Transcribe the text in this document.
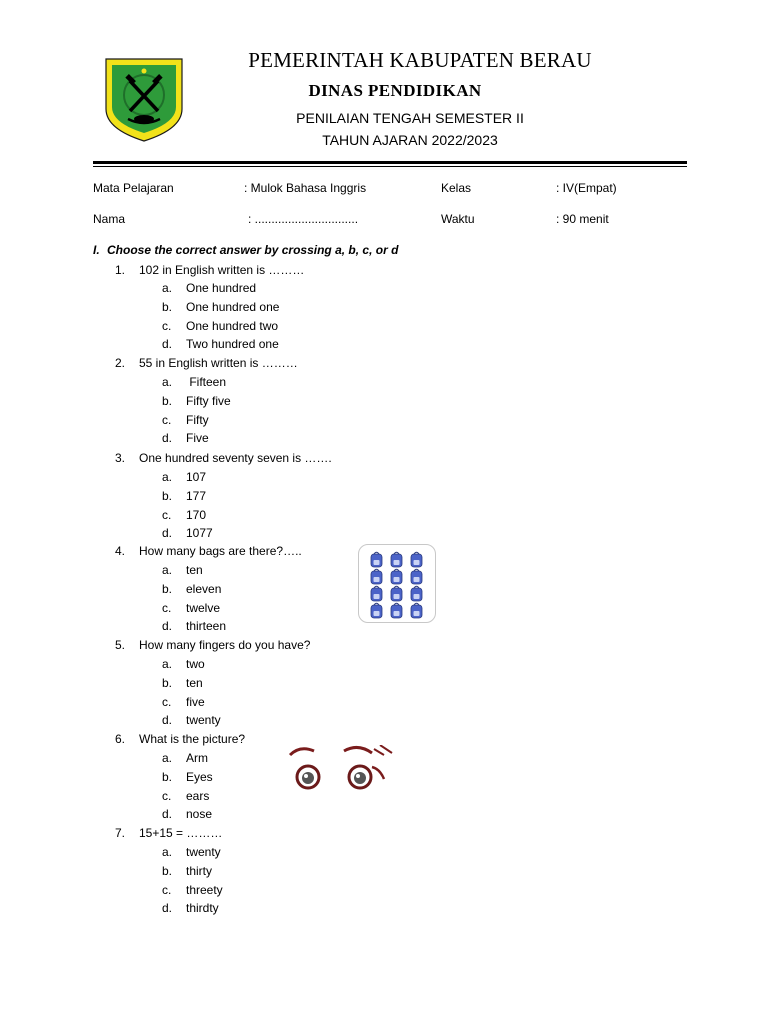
PEMERINTAH KABUPATEN BERAU
DINAS PENDIDIKAN
PENILAIAN TENGAH SEMESTER II
TAHUN AJARAN 2022/2023
Mata Pelajaran	: Mulok Bahasa Inggris	Kelas	: IV(Empat)
Nama	: ...............................	Waktu	: 90 menit
I. Choose the correct answer by crossing a, b, c, or d
1. 102 in English written is ………
a. One hundred
b. One hundred one
c. One hundred two
d. Two hundred one
2. 55 in English written is ………
a. Fifteen
b. Fifty five
c. Fifty
d. Five
3. One hundred seventy seven is …….
a. 107
b. 177
c. 170
d. 1077
4. How many bags are there?…..
a. ten
b. eleven
c. twelve
d. thirteen
5. How many fingers do you have?
a. two
b. ten
c. five
d. twenty
6. What is the picture?
a. Arm
b. Eyes
c. ears
d. nose
7. 15+15 = ………
a. twenty
b. thirty
c. threety
d. thirdty
